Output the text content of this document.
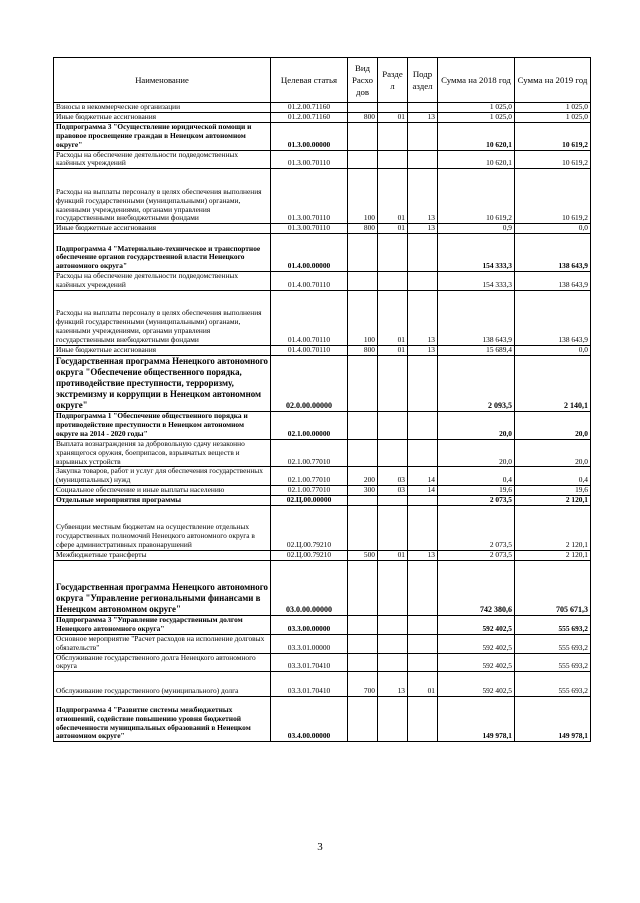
Наименование	Целевая статья	Вид Расхо дов	Разде л	Подр аздел	Сумма на 2018 год	Сумма на 2019 год
Взносы в некоммерческие организации	01.2.00.71160				1 025,0	1 025,0
Иные бюджетные ассигнования	01.2.00.71160	800	01	13	1 025,0	1 025,0
Подпрограмма 3 "Осуществление юридической помощи и правовое просвещение граждан в Ненецком автономном округе"	01.3.00.00000				10 620,1	10 619,2
Расходы на обеспечение деятельности подведомственных казённых учреждений	01.3.00.70110				10 620,1	10 619,2
Расходы на выплаты персоналу в целях обеспечения выполнения функций государственными (муниципальными) органами, казенными учреждениями, органами управления государственными внебюджетными фондами	01.3.00.70110	100	01	13	10 619,2	10 619,2
Иные бюджетные ассигнования	01.3.00.70110	800	01	13	0,9	0,0
Подпрограмма 4 "Материально-техническое и транспортное обеспечение органов государственной власти Ненецкого автономного округа"	01.4.00.00000				154 333,3	138 643,9
Расходы на обеспечение деятельности подведомственных казённых учреждений	01.4.00.70110				154 333,3	138 643,9
Расходы на выплаты персоналу в целях обеспечения выполнения функций государственными (муниципальными) органами, казенными учреждениями, органами управления государственными внебюджетными фондами	01.4.00.70110	100	01	13	138 643,9	138 643,9
Иные бюджетные ассигнования	01.4.00.70110	800	01	13	15 689,4	0,0
Государственная программа Ненецкого автономного округа "Обеспечение общественного порядка, противодействие преступности, терроризму, экстремизму и коррупции в Ненецком автономном округе"	02.0.00.00000				2 093,5	2 140,1
Подпрограмма 1 "Обеспечение общественного порядка и противодействие преступности в Ненецком автономном округе на 2014 - 2020 годы"	02.1.00.00000				20,0	20,0
Выплата вознаграждения за добровольную сдачу незаконно хранящегося оружия, боеприпасов, взрывчатых веществ и взрывных устройств	02.1.00.77010				20,0	20,0
Закупка товаров, работ и услуг для обеспечения государственных (муниципальных) нужд	02.1.00.77010	200	03	14	0,4	0,4
Социальное обеспечение и иные выплаты населению	02.1.00.77010	300	03	14	19,6	19,6
Отдельные мероприятия программы	02.Ц.00.00000				2 073,5	2 120,1
Субвенции местным бюджетам на осуществление отдельных государственных полномочий Ненецкого автономного округа в сфере административных правонарушений	02.Ц.00.79210				2 073,5	2 120,1
Межбюджетные трансферты	02.Ц.00.79210	500	01	13	2 073,5	2 120,1
Государственная программа Ненецкого автономного округа "Управление региональными финансами в Ненецком автономном округе"	03.0.00.00000				742 380,6	705 671,3
Подпрограмма 3 "Управление государственным долгом Ненецкого автономного округа"	03.3.00.00000				592 402,5	555 693,2
Основное мероприятие "Расчет расходов на исполнение долговых обязательств"	03.3.01.00000				592 402,5	555 693,2
Обслуживание государственного долга Ненецкого автономного округа	03.3.01.70410				592 402,5	555 693,2
Обслуживание государственного (муниципального) долга	03.3.01.70410	700	13	01	592 402,5	555 693,2
Подпрограмма 4 "Развитие системы межбюджетных отношений, содействие повышению уровня бюджетной обеспеченности муниципальных образований в Ненецком автономном округе"	03.4.00.00000				149 978,1	149 978,1
3
